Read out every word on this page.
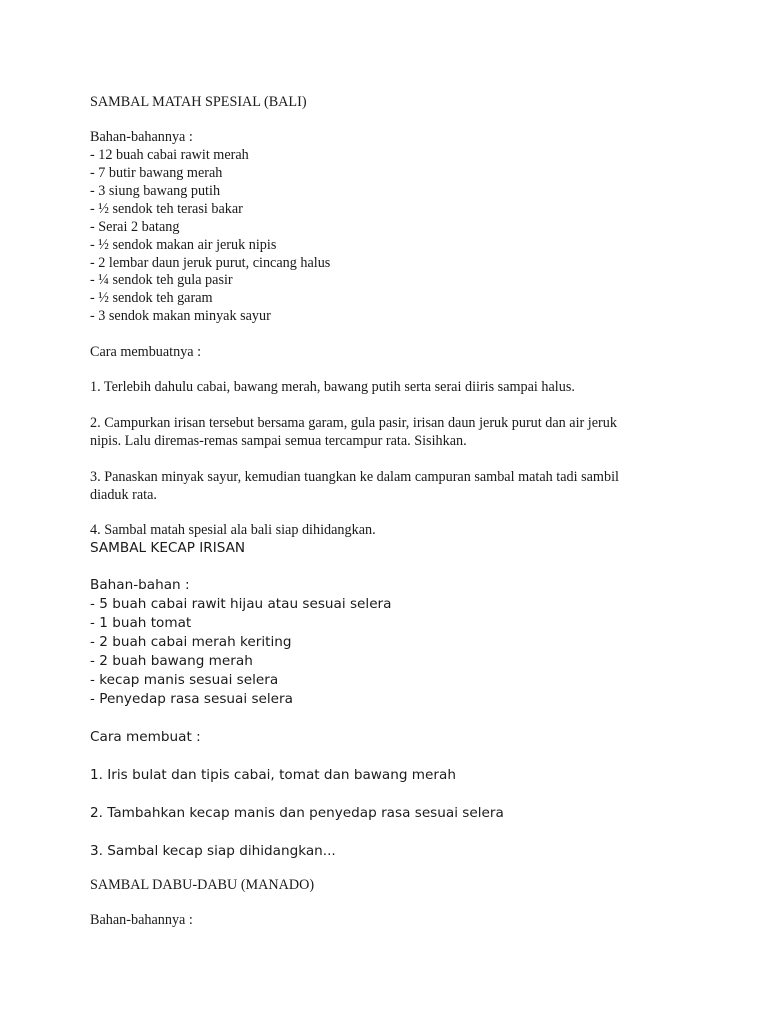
SAMBAL MATAH SPESIAL (BALI)

Bahan-bahannya :

- 12 buah cabai rawit merah

- 7 butir bawang merah

- 3 siung bawang putih

- ½ sendok teh terasi bakar

- Serai 2 batang

- ½ sendok makan air jeruk nipis

- 2 lembar daun jeruk purut, cincang halus

- ¼ sendok teh gula pasir

- ½ sendok teh garam

- 3 sendok makan minyak sayur

Cara membuatnya :

1. Terlebih dahulu cabai, bawang merah, bawang putih serta serai diiris sampai halus.

2. Campurkan irisan tersebut bersama garam, gula pasir, irisan daun jeruk purut dan air jeruk

nipis. Lalu diremas-remas sampai semua tercampur rata. Sisihkan.

3. Panaskan minyak sayur, kemudian tuangkan ke dalam campuran sambal matah tadi sambil

diaduk rata.

4. Sambal matah spesial ala bali siap dihidangkan.

SAMBAL KECAP IRISAN

Bahan-bahan :

- 5 buah cabai rawit hijau atau sesuai selera

- 1 buah tomat

- 2 buah cabai merah keriting

- 2 buah bawang merah

- kecap manis sesuai selera

- Penyedap rasa sesuai selera

Cara membuat :

1. Iris bulat dan tipis cabai, tomat dan bawang merah

2. Tambahkan kecap manis dan penyedap rasa sesuai selera

3. Sambal kecap siap dihidangkan...

SAMBAL DABU-DABU (MANADO)

Bahan-bahannya :
